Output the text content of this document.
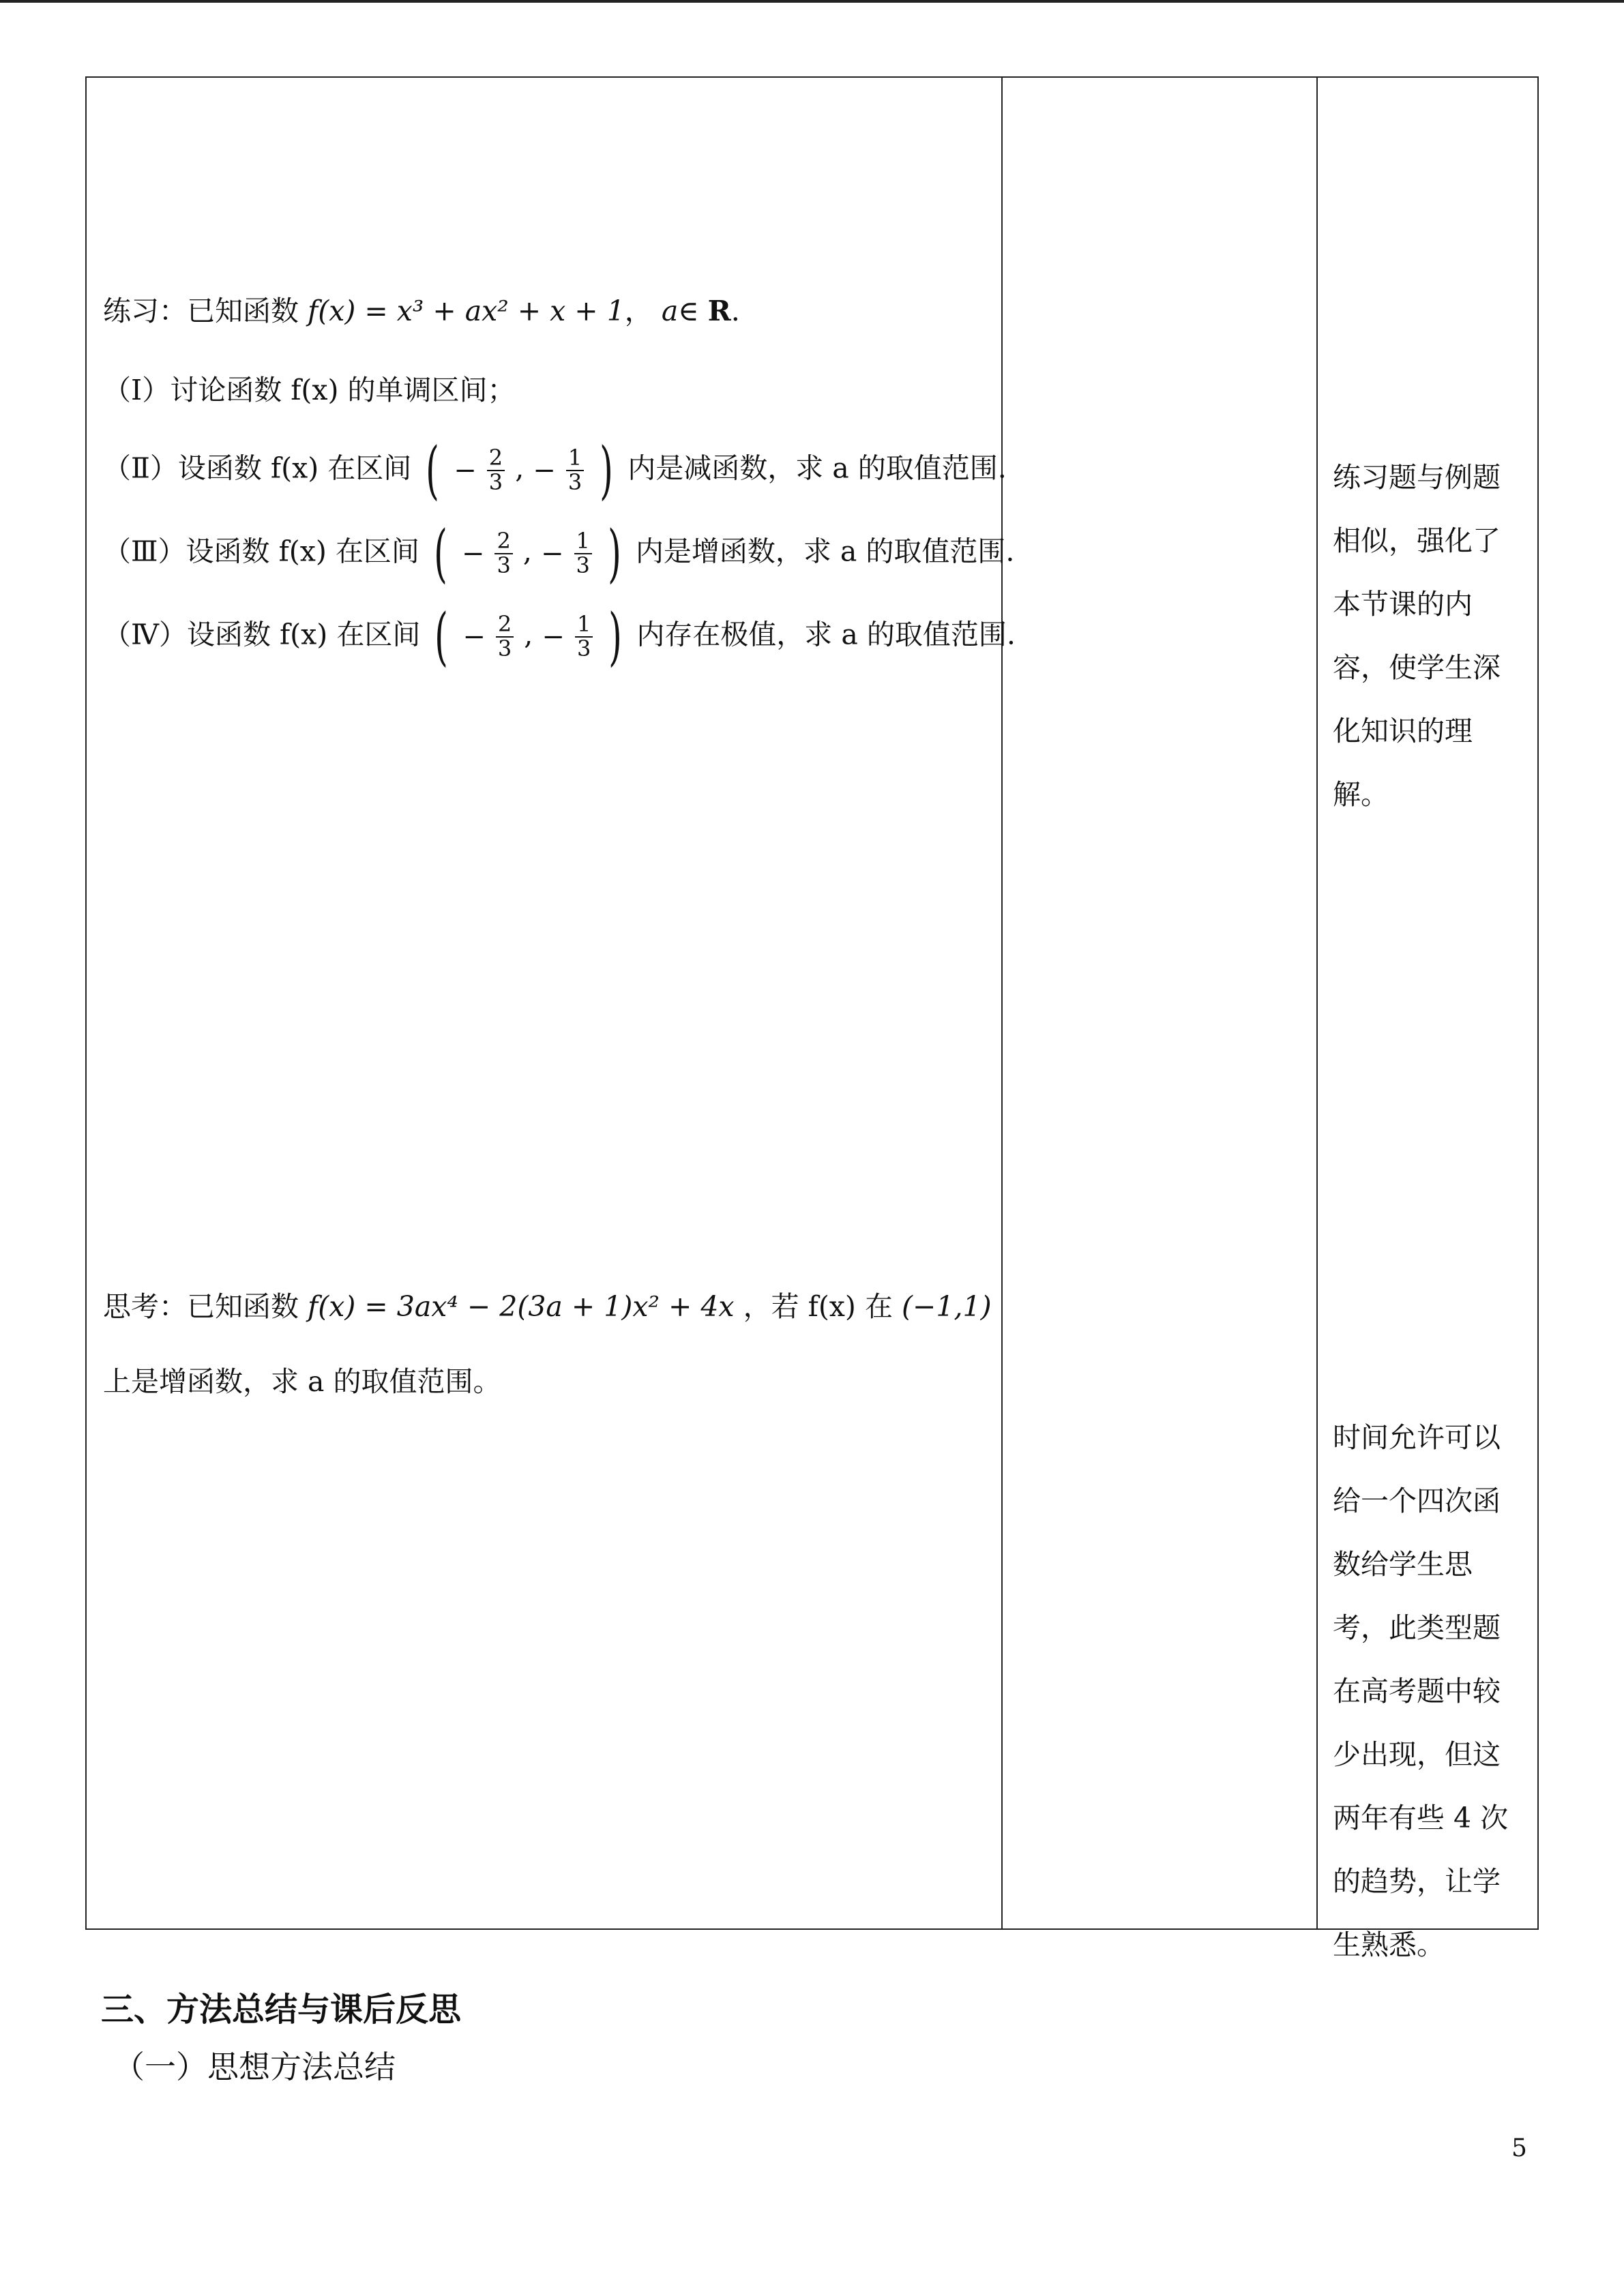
练习：已知函数 f(x) = x³ + ax² + x + 1， a∈ R.
（Ⅰ）讨论函数 f(x) 的单调区间；
（Ⅱ）设函数 f(x) 在区间 ( − $\frac{2}{3}$ , − $\frac{1}{3}$ ) 内是减函数，求 a 的取值范围.
（Ⅲ）设函数 f(x) 在区间 ( − $\frac{2}{3}$ , − $\frac{1}{3}$ ) 内是增函数，求 a 的取值范围.
（Ⅳ）设函数 f(x) 在区间 ( − $\frac{2}{3}$ , − $\frac{1}{3}$ ) 内存在极值，求 a 的取值范围.
思考：已知函数 f(x) = 3ax⁴ − 2(3a + 1)x² + 4x ，若 f(x) 在 (−1,1)
上是增函数，求 a 的取值范围。
练习题与例题
相似，强化了
本节课的内
容，使学生深
化知识的理
解。
时间允许可以
给一个四次函
数给学生思
考，此类型题
在高考题中较
少出现，但这
两年有些 4 次
的趋势，让学
生熟悉。
三、方法总结与课后反思
（一）思想方法总结
5
